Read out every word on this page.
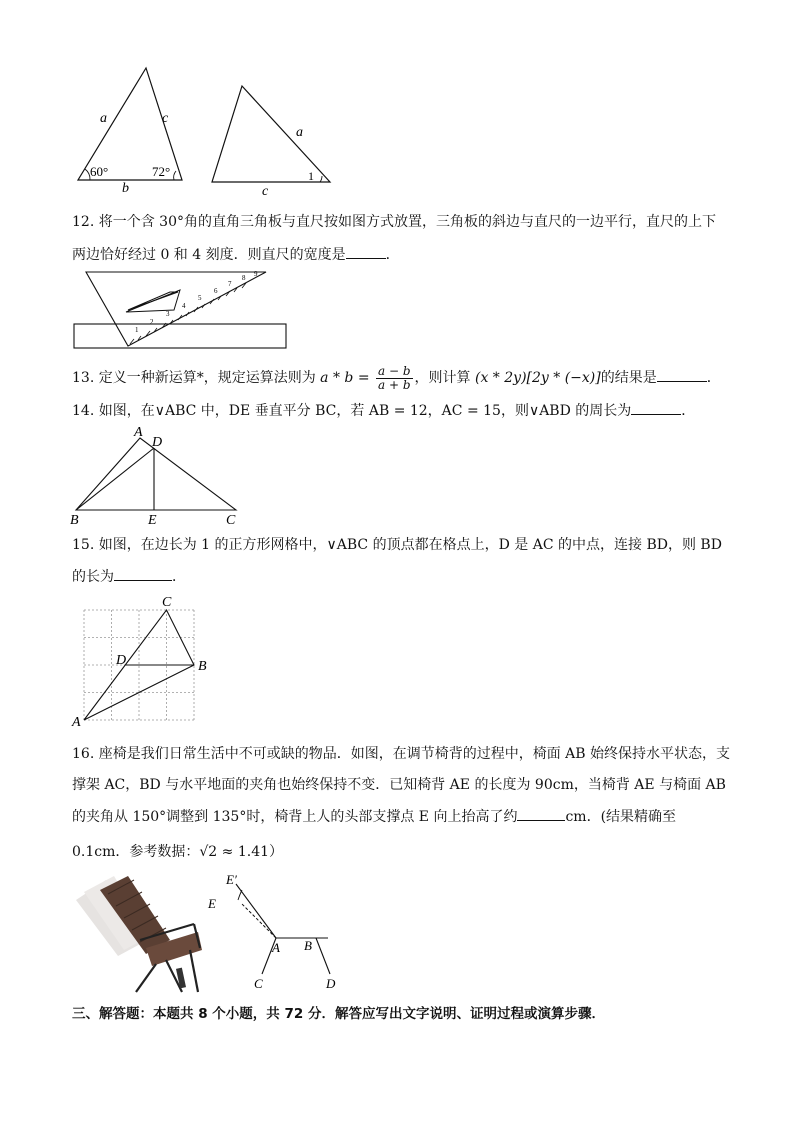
a	c
b
60°	72°
a
c
1
12. 将一个含 30°角的直角三角板与直尺按如图方式放置，三角板的斜边与直尺的一边平行，直尺的上下
两边恰好经过 0 和 4 刻度．则直尺的宽度是	．
1
2
3
4
5
6
7
8 9
13. 定义一种新运算*，规定运算法则为 $a * b = \frac{a - b}{a + b}$ ，则计算 (x * 2y)[2y * (−x)]的结果是	．
14. 如图，在∨ABC 中，DE 垂直平分 BC，若 AB = 12，AC = 15，则∨ABD 的周长为	．
A
D
B	E	C
15. 如图，在边长为 1 的正方形网格中，∨ABC 的顶点都在格点上，D 是 AC 的中点，连接 BD，则 BD
的长为	．
C
D	B
A
16. 座椅是我们日常生活中不可或缺的物品．如图，在调节椅背的过程中，椅面 AB 始终保持水平状态，支
撑架 AC，BD 与水平地面的夹角也始终保持不变．已知椅背 AE 的长度为 90cm，当椅背 AE 与椅面 AB
的夹角从 150°调整到 135°时，椅背上人的头部支撑点 E 向上抬高了约	cm．(结果精确至
0.1cm．参考数据：√2 ≈ 1.41）
E′
E
A B
C	D
三、解答题：本题共 8 个小题，共 72 分．解答应写出文字说明、证明过程或演算步骤．
